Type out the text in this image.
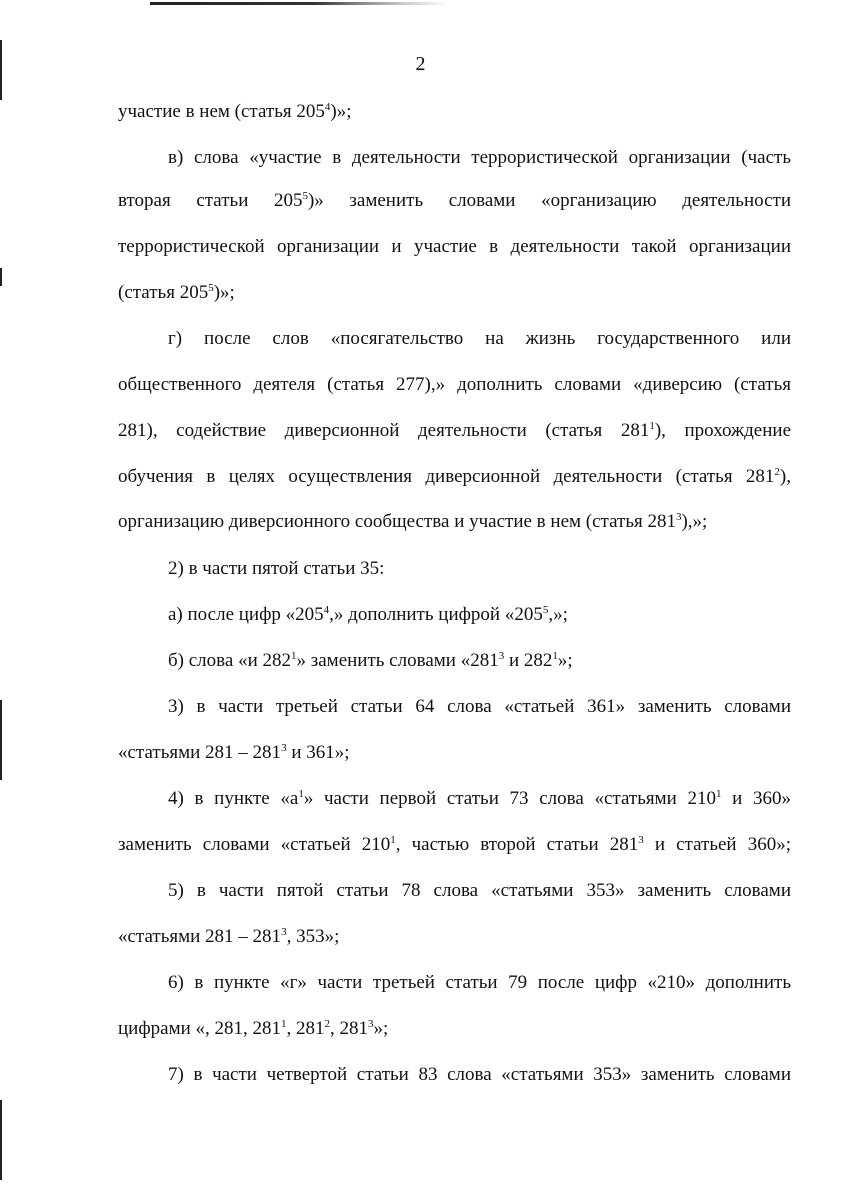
2
участие в нем (статья $205^4$)»;
в) слова «участие в деятельности террористической организации (часть
вторая статьи $205^5$)» заменить словами «организацию деятельности
террористической организации и участие в деятельности такой организации
(статья $205^5$)»;
г) после слов «посягательство на жизнь государственного или
общественного деятеля (статья 277),» дополнить словами «диверсию (статья
281), содействие диверсионной деятельности (статья $281^1$), прохождение
обучения в целях осуществления диверсионной деятельности (статья $281^2$),
организацию диверсионного сообщества и участие в нем (статья $281^3$),»;
2) в части пятой статьи 35:
а) после цифр «$205^4$,» дополнить цифрой «$205^5$,»;
б) слова «и $282^1$» заменить словами «$281^3$ и $282^1$»;
3) в части третьей статьи 64 слова «статьей 361» заменить словами
«статьями $281 - 281^3$ и 361»;
4) в пункте «$а^1$» части первой статьи 73 слова «статьями $210^1$ и 360»
заменить словами «статьей $210^1$, частью второй статьи $281^3$ и статьей 360»;
5) в части пятой статьи 78 слова «статьями 353» заменить словами
«статьями $281 - 281^3$, 353»;
6) в пункте «г» части третьей статьи 79 после цифр «210» дополнить
цифрами «, 281, $281^1$, $281^2$, $281^3$»;
7) в части четвертой статьи 83 слова «статьями 353» заменить словами
